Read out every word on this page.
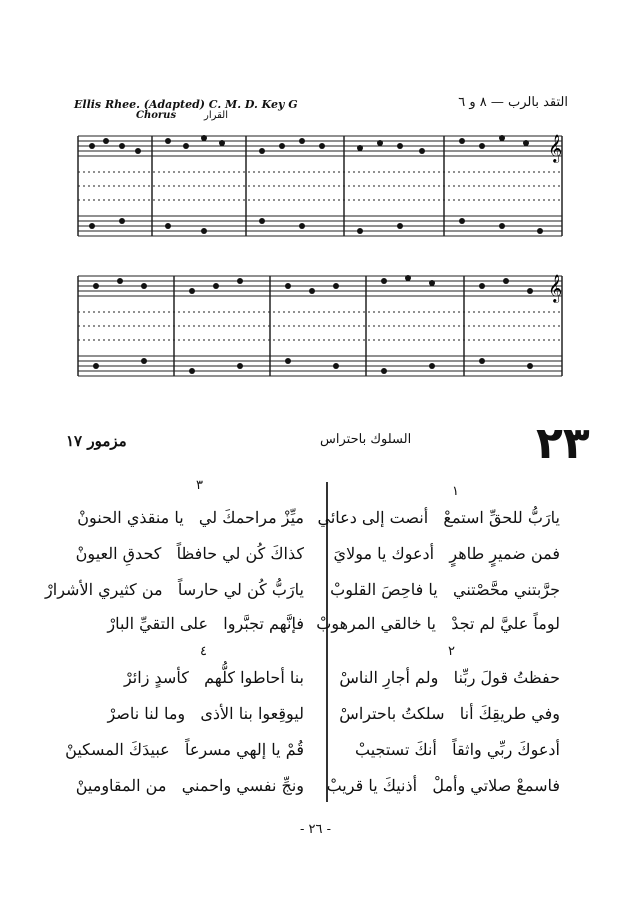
Ellis Rhee. (Adapted) C. M. D. Key G	التقد بالرب — ٨ و ٦
Chorus	القرار
𝄞
𝄞
٢٣
السلوك باحتراس
مزمور ١٧
١
يارَبُّ للحقِّ استمعْ   أنصت إلى دعائي
فمن ضميرٍ طاهرٍ   أدعوك يا مولايَ
جرَّبتني محَّصْتني   يا فاحِصَ القلوبْ
لوماً عليَّ لم تجدْ   يا خالقي المرهوبْ
٢
حفظتُ قولَ ربِّنا   ولم أجارِ الناسْ
وفي طريقِكَ أنا   سلكتُ باحتراسْ
أدعوكَ ربِّي واثقاً   أنكَ تستجيبْ
فاسمعْ صلاتي وأملْ   أذنيكَ يا قريبْ
٣
ميِّزْ مراحمكَ لي   يا منقذي الحنونْ
كذاكَ كُن لي حافظاً   كحدقِ العيونْ
يارَبُّ كُن لي حارساً   من كثيري الأشرارْ
فإنَّهم تجبَّروا   على التقيِّ البارْ
٤
بنا أحاطوا كلُّهم   كأسدٍ زائرْ
ليوقِعوا بنا الأذى   وما لنا ناصرْ
قُمْ يا إلهي مسرعاً   عبيدَكَ المسكينْ
ونجِّ نفسي واحمني   من المقاومينْ
- ٢٦ -
